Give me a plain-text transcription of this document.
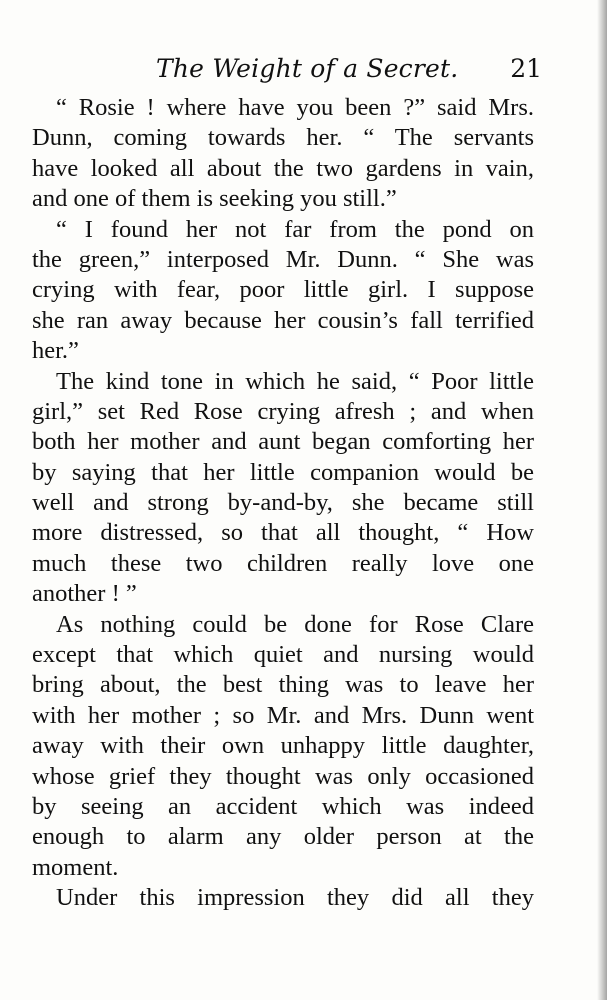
The Weight of a Secret. 21
“ Rosie ! where have you been ?” said Mrs.
Dunn, coming towards her. “ The servants
have looked all about the two gardens in vain,
and one of them is seeking you still.”
“ I found her not far from the pond on
the green,” interposed Mr. Dunn. “ She was
crying with fear, poor little girl. I suppose
she ran away because her cousin’s fall terrified
her.”
The kind tone in which he said, “ Poor little
girl,” set Red Rose crying afresh ; and when
both her mother and aunt began comforting her
by saying that her little companion would be
well and strong by-and-by, she became still
more distressed, so that all thought, “ How
much these two children really love one
another ! ”
As nothing could be done for Rose Clare
except that which quiet and nursing would
bring about, the best thing was to leave her
with her mother ; so Mr. and Mrs. Dunn went
away with their own unhappy little daughter,
whose grief they thought was only occasioned
by seeing an accident which was indeed
enough to alarm any older person at the
moment.
Under this impression they did all they
